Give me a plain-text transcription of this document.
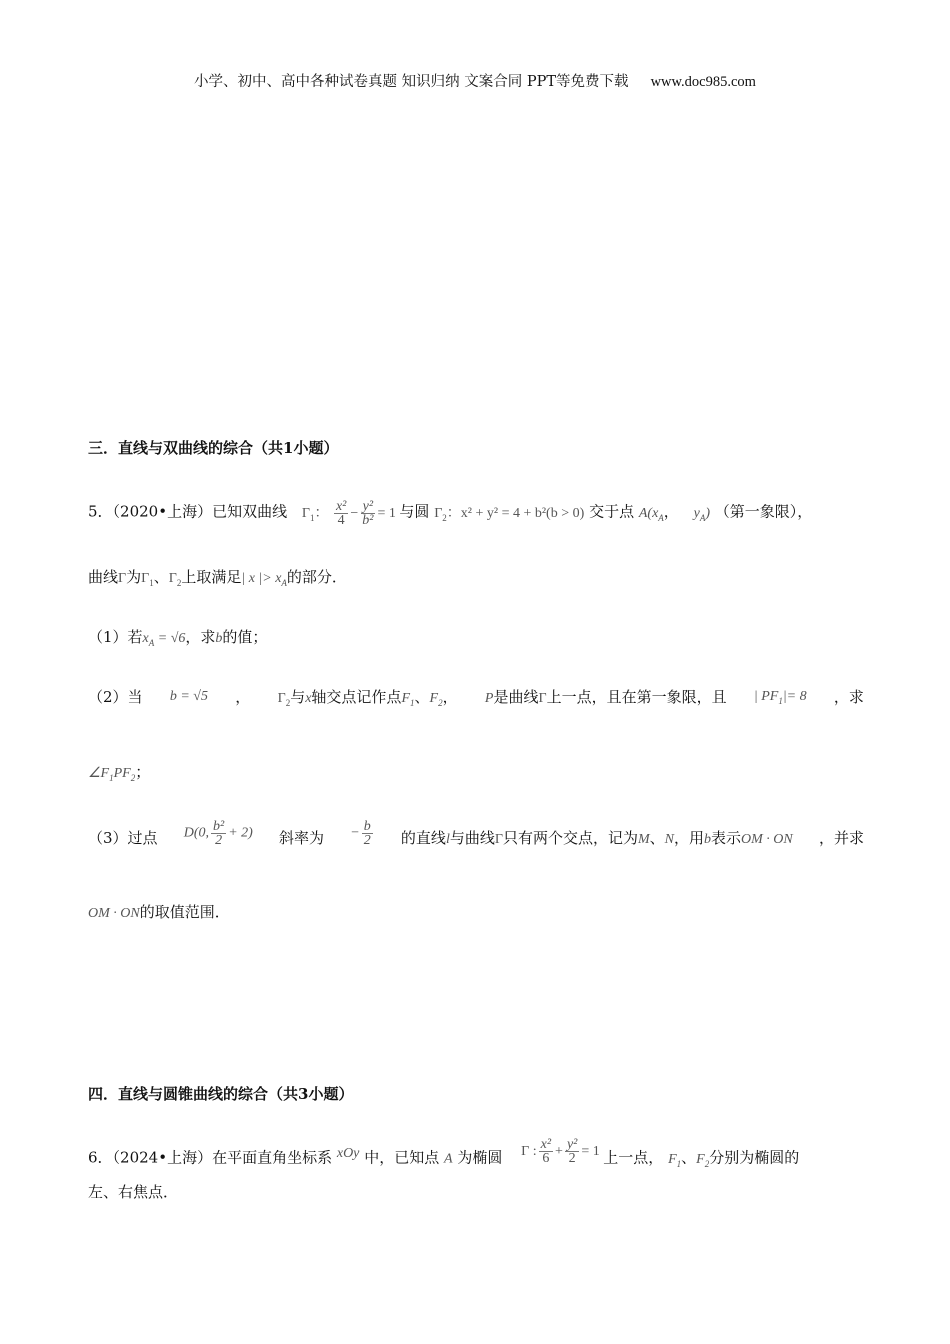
小学、初中、高中各种试卷真题 知识归纳 文案合同 PPT等免费下载 www.doc985.com
三．直线与双曲线的综合（共1小题）
5．（2020•上海）已知双曲线 $\Gamma_1$： $\frac{\text{x²}}{4} - \frac{\text{y²}}{\text{b²}} = 1$ 与圆 $\Gamma_2$：x² + y² = 4 + b²(b > 0) 交于点 $A(x_A$， $y_A$) （第一象限），
曲线Γ为$\Gamma_1$、$\Gamma_2$上取满足| x |> $x_A$的部分．
（1）若$x_A = √6$，求b的值；
（2）当 b = √5 ， $\Gamma_2$与x轴交点记作点$F_1$、$F_2$， P是曲线Γ上一点，且在第一象限，且 | $PF_1|= 8$ ，求
$\angle F_1PF_2$；
（3）过点 D(0, $\frac{\text{b²}}{2} + 2$) 斜率为 − $\frac{b}{2}$ 的直线l与曲线Γ只有两个交点，记为M、N，用b表示OM · ON ，并求
OM · ON的取值范围．
四．直线与圆锥曲线的综合（共3小题）
6．（2024•上海）在平面直角坐标系 xOy 中，已知点 A 为椭圆 Γ : $\frac{\text{x²}}{6} + \frac{\text{y²}}{2} = 1$ 上一点， $F_1$、$F_2$分别为椭圆的
左、右焦点．
